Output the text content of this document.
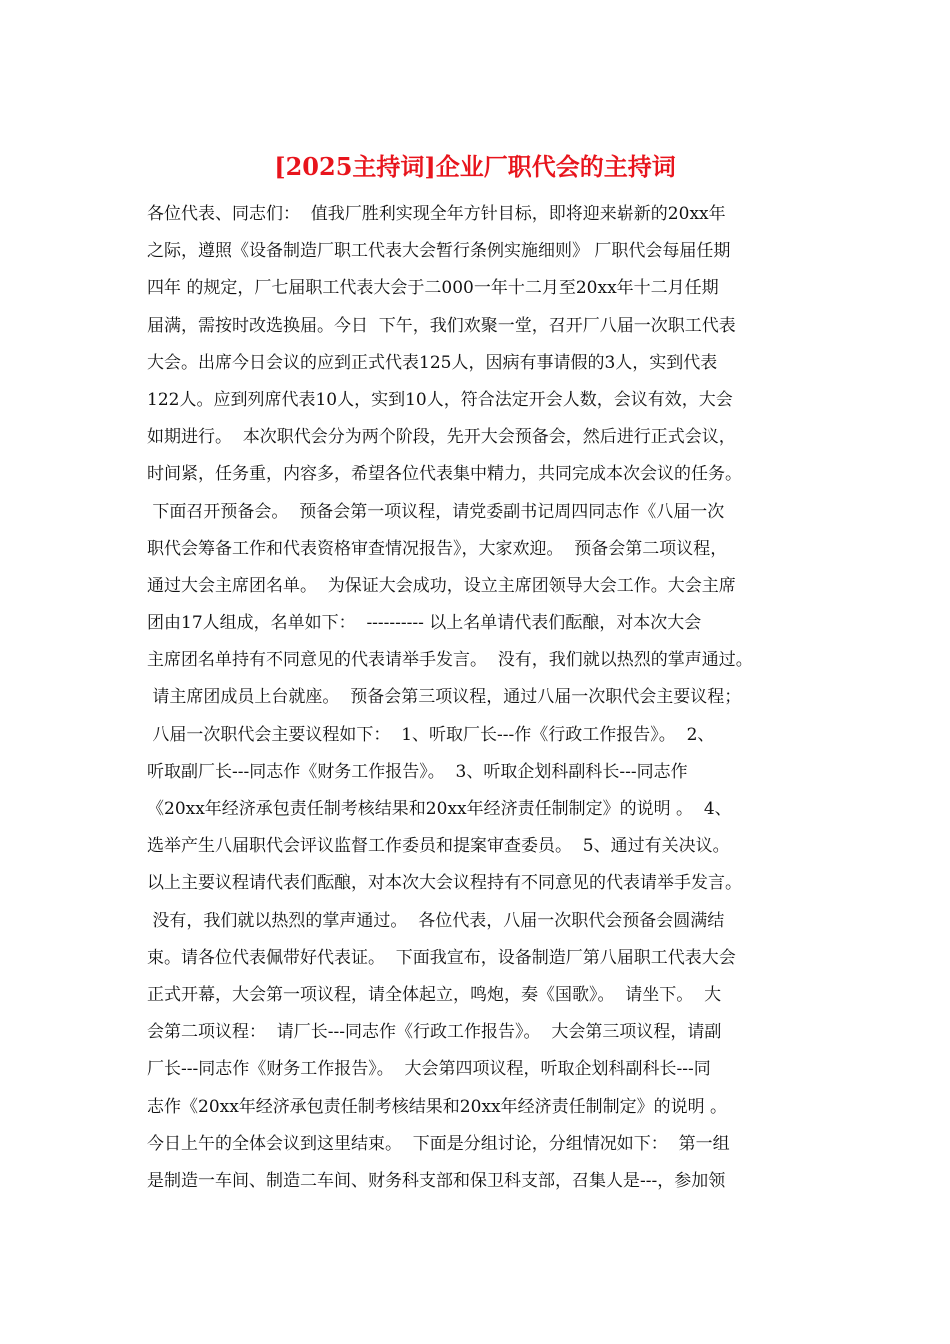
[2025主持词]企业厂职代会的主持词
各位代表、同志们：  值我厂胜利实现全年方针目标，即将迎来崭新的20xx年
之际，遵照《设备制造厂职工代表大会暂行条例实施细则》 厂职代会每届任期
四年 的规定，厂七届职工代表大会于二000一年十二月至20xx年十二月任期
届满，需按时改选换届。今日  下午，我们欢聚一堂，召开厂八届一次职工代表
大会。出席今日会议的应到正式代表125人，因病有事请假的3人，实到代表
122人。应到列席代表10人，实到10人，符合法定开会人数，会议有效，大会
如期进行。  本次职代会分为两个阶段，先开大会预备会，然后进行正式会议，
时间紧，任务重，内容多，希望各位代表集中精力，共同完成本次会议的任务。
下面召开预备会。  预备会第一项议程，请党委副书记周四同志作《八届一次
职代会筹备工作和代表资格审查情况报告》，大家欢迎。  预备会第二项议程，
通过大会主席团名单。  为保证大会成功，设立主席团领导大会工作。大会主席
团由17人组成，名单如下：  ---------- 以上名单请代表们酝酿，对本次大会
主席团名单持有不同意见的代表请举手发言。  没有，我们就以热烈的掌声通过。
请主席团成员上台就座。  预备会第三项议程，通过八届一次职代会主要议程；
八届一次职代会主要议程如下：  1、听取厂长---作《行政工作报告》。  2、
听取副厂长---同志作《财务工作报告》。  3、听取企划科副科长---同志作
《20xx年经济承包责任制考核结果和20xx年经济责任制制定》的说明 。  4、
选举产生八届职代会评议监督工作委员和提案审查委员。  5、通过有关决议。
以上主要议程请代表们酝酿，对本次大会议程持有不同意见的代表请举手发言。
没有，我们就以热烈的掌声通过。  各位代表，八届一次职代会预备会圆满结
束。请各位代表佩带好代表证。  下面我宣布，设备制造厂第八届职工代表大会
正式开幕，大会第一项议程，请全体起立，鸣炮，奏《国歌》。  请坐下。  大
会第二项议程：  请厂长---同志作《行政工作报告》。  大会第三项议程，请副
厂长---同志作《财务工作报告》。  大会第四项议程，听取企划科副科长---同
志作《20xx年经济承包责任制考核结果和20xx年经济责任制制定》的说明 。
今日上午的全体会议到这里结束。  下面是分组讨论，分组情况如下：  第一组
是制造一车间、制造二车间、财务科支部和保卫科支部，召集人是---，参加领
